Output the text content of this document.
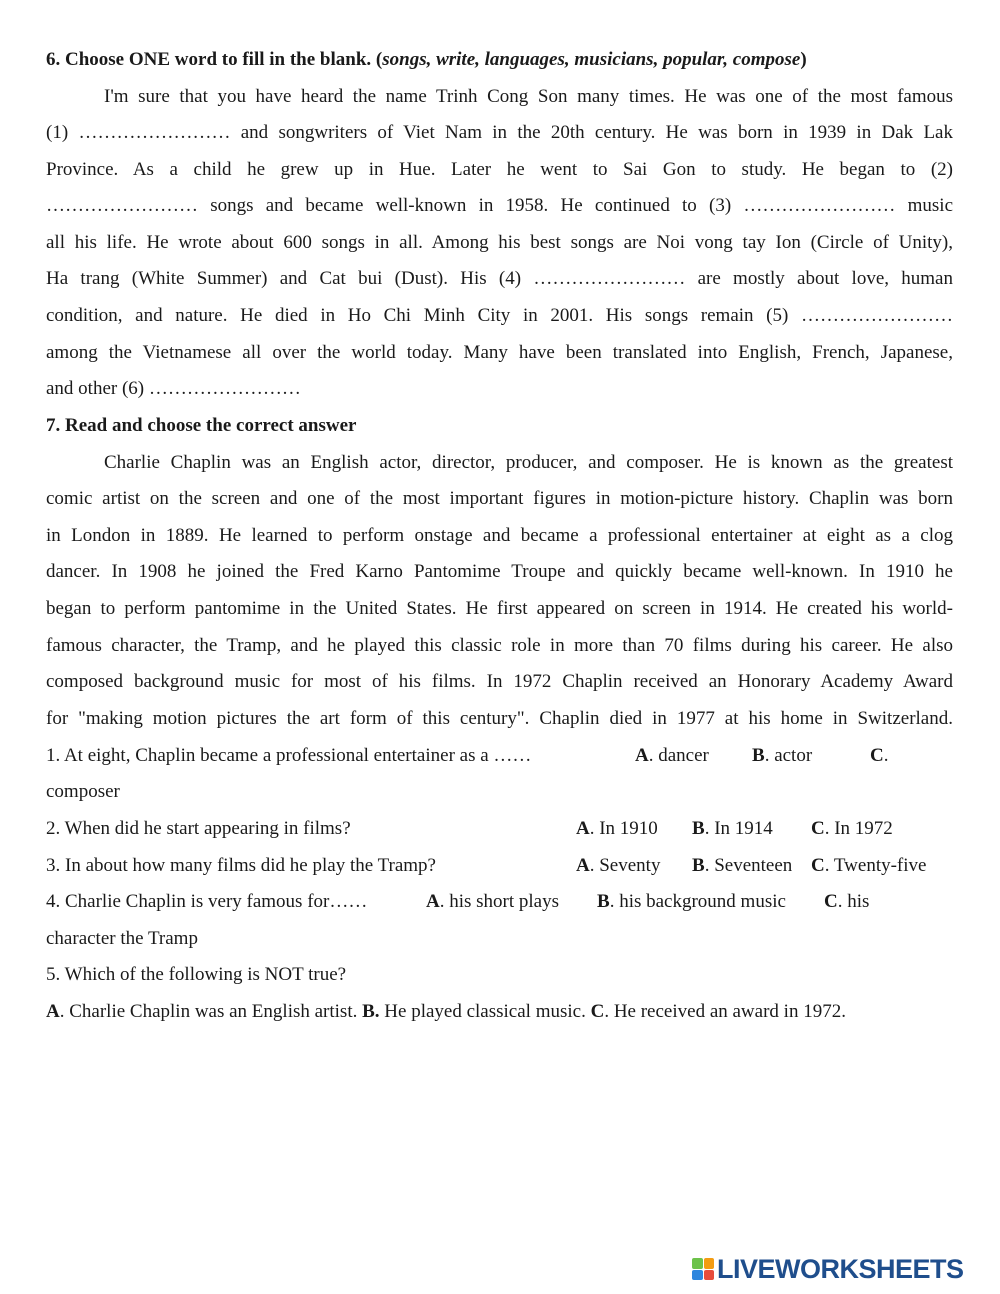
6. Choose ONE word to fill in the blank. (songs, write, languages, musicians, popular, compose)
I'm sure that you have heard the name Trinh Cong Son many times. He was one of the most famous
(1) …………………… and songwriters of Viet Nam in the 20th century. He was born in 1939 in Dak Lak
Province. As a child he grew up in Hue. Later he went to Sai Gon to study. He began to (2)
…………………… songs and became well-known in 1958. He continued to (3) …………………… music
all his life. He wrote about 600 songs in all. Among his best songs are Noi vong tay Ion (Circle of Unity),
Ha trang (White Summer) and Cat bui (Dust). His (4) …………………… are mostly about love, human
condition, and nature. He died in Ho Chi Minh City in 2001. His songs remain (5) ……………………
among the Vietnamese all over the world today. Many have been translated into English, French, Japanese,
and other (6) ……………………
7. Read and choose the correct answer
Charlie Chaplin was an English actor, director, producer, and composer. He is known as the greatest
comic artist on the screen and one of the most important figures in motion-picture history. Chaplin was born
in London in 1889. He learned to perform onstage and became a professional entertainer at eight as a clog
dancer. In 1908 he joined the Fred Karno Pantomime Troupe and quickly became well-known. In 1910 he
began to perform pantomime in the United States. He first appeared on screen in 1914. He created his world-
famous character, the Tramp, and he played this classic role in more than 70 films during his career. He also
composed background music for most of his films. In 1972 Chaplin received an Honorary Academy Award
for "making motion pictures the art form of this century". Chaplin died in 1977 at his home in Switzerland.
1. At eight, Chaplin became a professional entertainer as a ……	A. dancer B. actor	C.
composer
2. When did he start appearing in films?	A. In 1910 B. In 1914 C. In 1972
3. In about how many films did he play the Tramp?	A. Seventy B. Seventeen C. Twenty-five
4. Charlie Chaplin is very famous for……	A. his short plays B. his background music C. his
character the Tramp
5. Which of the following is NOT true?
A. Charlie Chaplin was an English artist. B. He played classical music. C. He received an award in 1972.
LIVEWORKSHEETS
